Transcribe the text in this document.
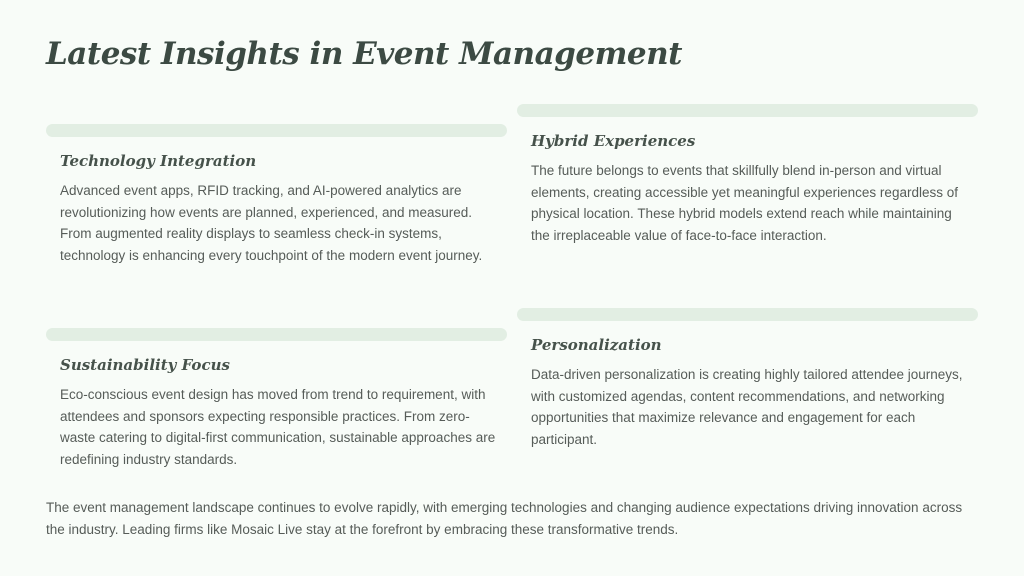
Latest Insights in Event Management
Technology Integration

Advanced event apps, RFID tracking, and AI-powered analytics are revolutionizing how events are planned, experienced, and measured. From augmented reality displays to seamless check-in systems, technology is enhancing every touchpoint of the modern event journey.

Hybrid Experiences

The future belongs to events that skillfully blend in-person and virtual elements, creating accessible yet meaningful experiences regardless of physical location. These hybrid models extend reach while maintaining the irreplaceable value of face-to-face interaction.

Sustainability Focus

Eco-conscious event design has moved from trend to requirement, with attendees and sponsors expecting responsible practices. From zero-waste catering to digital-first communication, sustainable approaches are redefining industry standards.

Personalization

Data-driven personalization is creating highly tailored attendee journeys, with customized agendas, content recommendations, and networking opportunities that maximize relevance and engagement for each participant.

The event management landscape continues to evolve rapidly, with emerging technologies and changing audience expectations driving innovation across the industry. Leading firms like Mosaic Live stay at the forefront by embracing these transformative trends.
